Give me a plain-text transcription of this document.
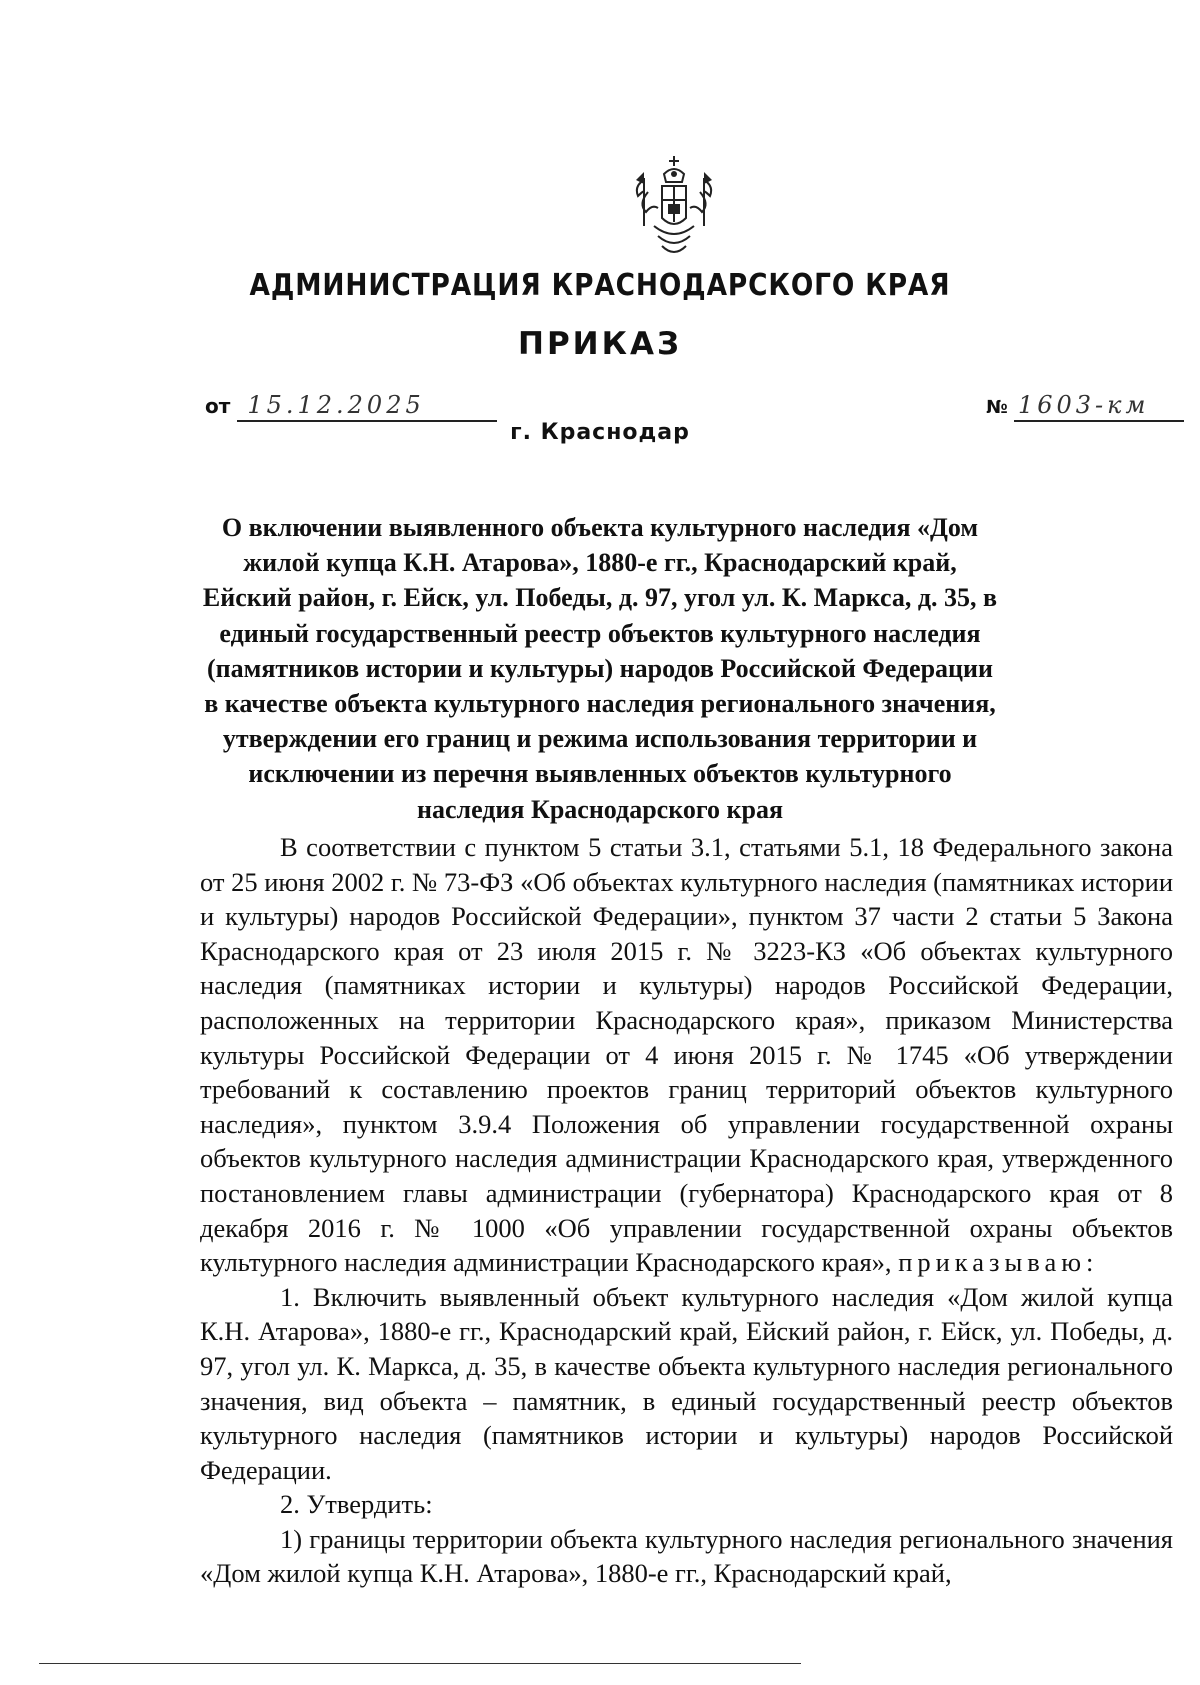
АДМИНИСТРАЦИЯ КРАСНОДАРСКОГО КРАЯ
ПРИКАЗ
от 15.12.2025	№ 1603-км
г. Краснодар
О включении выявленного объекта культурного наследия «Дом жилой купца К.Н. Атарова», 1880-е гг., Краснодарский край, Ейский район, г. Ейск, ул. Победы, д. 97, угол ул. К. Маркса, д. 35, в единый государственный реестр объектов культурного наследия (памятников истории и культуры) народов Российской Федерации в качестве объекта культурного наследия регионального значения, утверждении его границ и режима использования территории и исключении из перечня выявленных объектов культурного наследия Краснодарского края

В соответствии с пунктом 5 статьи 3.1, статьями 5.1, 18 Федерального закона от 25 июня 2002 г. № 73-ФЗ «Об объектах культурного наследия (памятниках истории и культуры) народов Российской Федерации», пунктом 37 части 2 статьи 5 Закона Краснодарского края от 23 июля 2015 г. № 3223-КЗ «Об объектах культурного наследия (памятниках истории и культуры) народов Российской Федерации, расположенных на территории Краснодарского края», приказом Министерства культуры Российской Федерации от 4 июня 2015 г. № 1745 «Об утверждении требований к составлению проектов границ территорий объектов культурного наследия», пунктом 3.9.4 Положения об управлении государственной охраны объектов культурного наследия администрации Краснодарского края, утвержденного постановлением главы администрации (губернатора) Краснодарского края от 8 декабря 2016 г. № 1000 «Об управлении государственной охраны объектов культурного наследия администрации Краснодарского края», приказываю:

1. Включить выявленный объект культурного наследия «Дом жилой купца К.Н. Атарова», 1880-е гг., Краснодарский край, Ейский район, г. Ейск, ул. Победы, д. 97, угол ул. К. Маркса, д. 35, в качестве объекта культурного наследия регионального значения, вид объекта – памятник, в единый государственный реестр объектов культурного наследия (памятников истории и культуры) народов Российской Федерации.

2. Утвердить:

1) границы территории объекта культурного наследия регионального значения «Дом жилой купца К.Н. Атарова», 1880-е гг., Краснодарский край,
